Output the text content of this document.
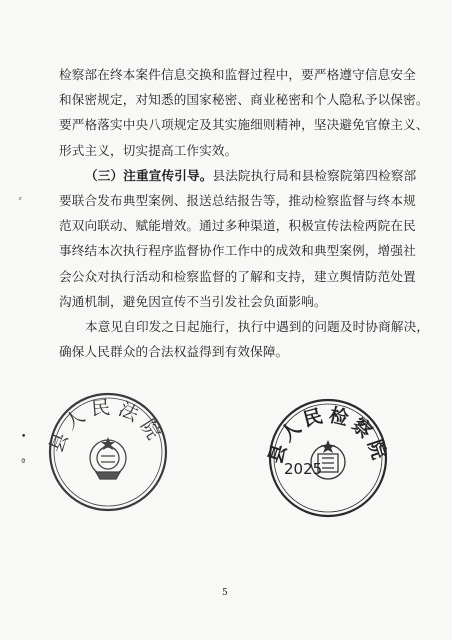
检察部在终本案件信息交换和监督过程中，要严格遵守信息安全
和保密规定，对知悉的国家秘密、商业秘密和个人隐私予以保密。
要严格落实中央八项规定及其实施细则精神，坚决避免官僚主义、
形式主义，切实提高工作实效。
（三）注重宣传引导。县法院执行局和县检察院第四检察部
要联合发布典型案例、报送总结报告等，推动检察监督与终本规
范双向联动、赋能增效。通过多种渠道，积极宣传法检两院在民
事终结本次执行程序监督协作工作中的成效和典型案例，增强社
会公众对执行活动和检察监督的了解和支持，建立舆情防范处置
沟通机制，避免因宣传不当引发社会负面影响。
本意见自印发之日起施行，执行中遇到的问题及时协商解决，
确保人民群众的合法权益得到有效保障。
ʳ
•
ª
县人民法院
县人民检察院
2025
5
